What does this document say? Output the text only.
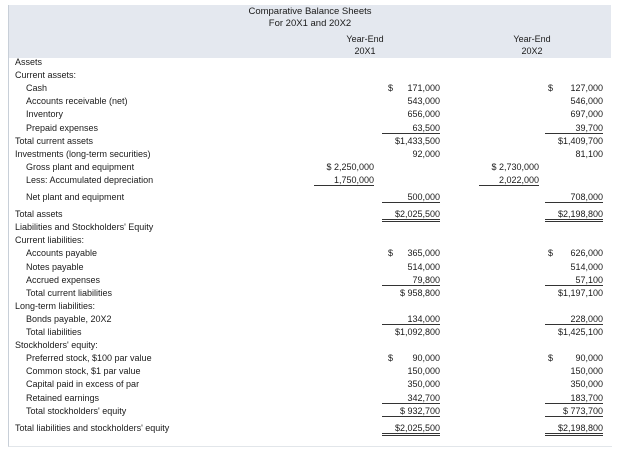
Comparative Balance Sheets
For 20X1 and 20X2
Year-End
20X1
Year-End
20X2
Assets
Current assets:
Cash	171,000	127,000
$	$
Accounts receivable (net)	543,000	546,000
Inventory	656,000	697,000
Prepaid expenses	63,500	39,700
Total current assets	$1,433,500	$1,409,700
Investments (long-term securities)	92,000	81,100
Gross plant and equipment	$ 2,250,000	$ 2,730,000
Less: Accumulated depreciation	1,750,000	2,022,000
Net plant and equipment	500,000	708,000
Total assets	$2,025,500	$2,198,800
Liabilities and Stockholders' Equity
Current liabilities:
Accounts payable	365,000	626,000
$	$
Notes payable	514,000	514,000
Accrued expenses	79,800	57,100
Total current liabilities	$ 958,800	$1,197,100
Long-term liabilities:
Bonds payable, 20X2	134,000	228,000
Total liabilities	$1,092,800	$1,425,100
Stockholders' equity:
Preferred stock, $100 par value	90,000	90,000
$	$
Common stock, $1 par value	150,000	150,000
Capital paid in excess of par	350,000	350,000
Retained earnings	342,700	183,700
Total stockholders' equity	$ 932,700	$ 773,700
Total liabilities and stockholders' equity	$2,025,500	$2,198,800
